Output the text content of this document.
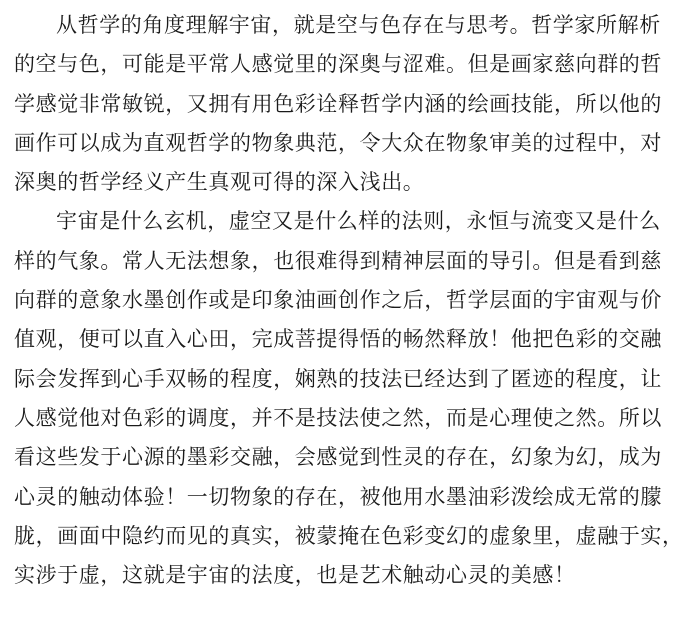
从哲学的角度理解宇宙，就是空与色存在与思考。哲学家所解析
的空与色，可能是平常人感觉里的深奥与涩难。但是画家慈向群的哲
学感觉非常敏锐，又拥有用色彩诠释哲学内涵的绘画技能，所以他的
画作可以成为直观哲学的物象典范，令大众在物象审美的过程中，对
深奥的哲学经义产生真观可得的深入浅出。
宇宙是什么玄机，虚空又是什么样的法则，永恒与流变又是什么
样的气象。常人无法想象，也很难得到精神层面的导引。但是看到慈
向群的意象水墨创作或是印象油画创作之后，哲学层面的宇宙观与价
值观，便可以直入心田，完成菩提得悟的畅然释放！他把色彩的交融
际会发挥到心手双畅的程度，娴熟的技法已经达到了匿迹的程度，让
人感觉他对色彩的调度，并不是技法使之然，而是心理使之然。所以
看这些发于心源的墨彩交融，会感觉到性灵的存在，幻象为幻，成为
心灵的触动体验！一切物象的存在，被他用水墨油彩泼绘成无常的朦
胧，画面中隐约而见的真实，被蒙掩在色彩变幻的虚象里，虚融于实，
实涉于虚，这就是宇宙的法度，也是艺术触动心灵的美感！
